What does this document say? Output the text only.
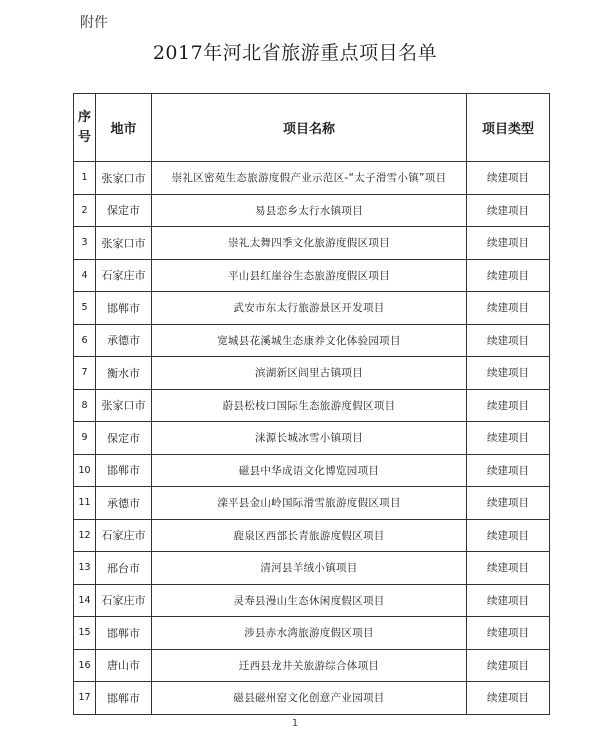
附件
2017年河北省旅游重点项目名单
序
号	地市	项目名称	项目类型
1	张家口市	崇礼区密苑生态旅游度假产业示范区-“太子滑雪小镇”项目	续建项目
2	保定市	易县恋乡太行水镇项目	续建项目
3	张家口市	崇礼太舞四季文化旅游度假区项目	续建项目
4	石家庄市	平山县红崖谷生态旅游度假区项目	续建项目
5	邯郸市	武安市东太行旅游景区开发项目	续建项目
6	承德市	宽城县花溪城生态康养文化体验园项目	续建项目
7	衡水市	滨湖新区闾里古镇项目	续建项目
8	张家口市	蔚县松枝口国际生态旅游度假区项目	续建项目
9	保定市	涞源长城冰雪小镇项目	续建项目
10	邯郸市	磁县中华成语文化博览园项目	续建项目
11	承德市	滦平县金山岭国际滑雪旅游度假区项目	续建项目
12	石家庄市	鹿泉区西部长青旅游度假区项目	续建项目
13	邢台市	清河县羊绒小镇项目	续建项目
14	石家庄市	灵寿县漫山生态休闲度假区项目	续建项目
15	邯郸市	涉县赤水湾旅游度假区项目	续建项目
16	唐山市	迁西县龙井关旅游综合体项目	续建项目
17	邯郸市	磁县磁州窑文化创意产业园项目	续建项目
1
